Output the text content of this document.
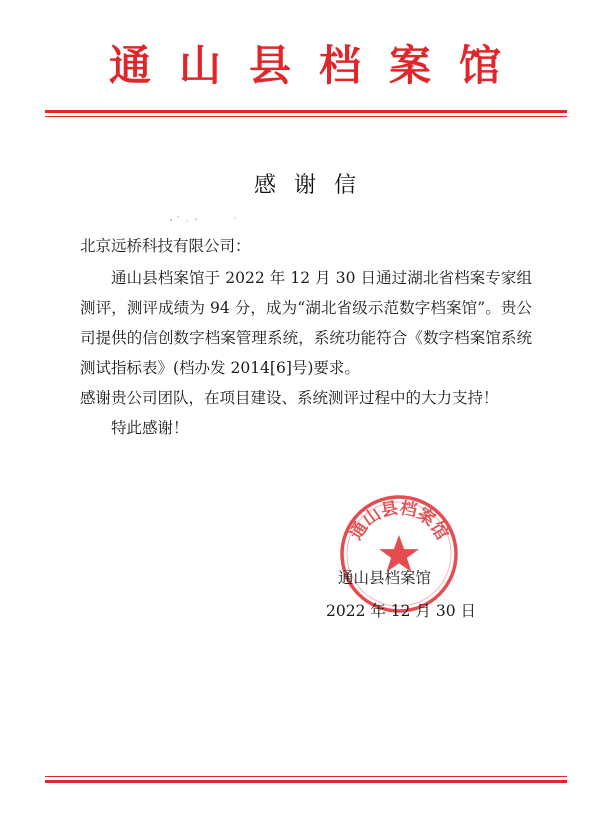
通山县档案馆
感谢信
北京远桥科技有限公司：

通山县档案馆于 2022 年 12 月 30 日通过湖北省档案专家组测评，测评成绩为 94 分，成为“湖北省级示范数字档案馆”。贵公司提供的信创数字档案管理系统，系统功能符合《数字档案馆系统测试指标表》(档办发 2014[6]号)要求。

感谢贵公司团队，在项目建设、系统测评过程中的大力支持！

特此感谢！

通山县档案馆
通山县档案馆
2022 年 12 月 30 日
